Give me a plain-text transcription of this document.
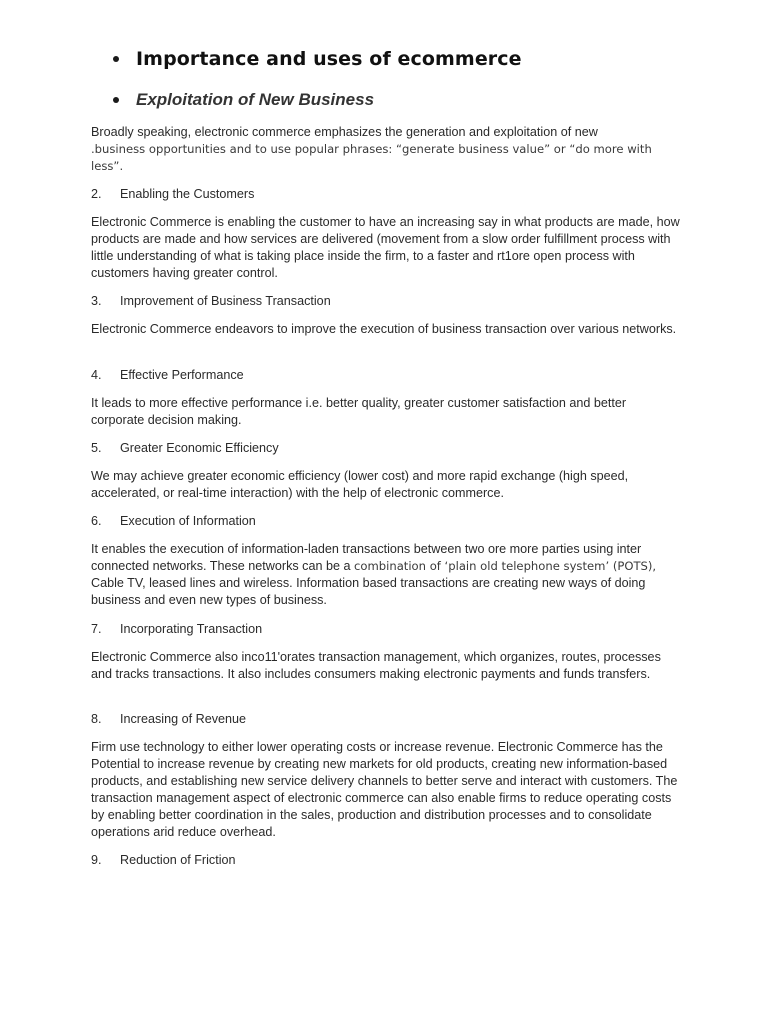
Importance and uses of ecommerce
Exploitation of New Business
Broadly speaking, electronic commerce emphasizes the generation and exploitation of new
.business opportunities and to use popular phrases: “generate business value” or “do more with
less”.
2.	Enabling the Customers

Electronic Commerce is enabling the customer to have an increasing say in what products are made, how products are made and how services are delivered (movement from a slow order fulfillment process with little understanding of what is taking place inside the firm, to a faster and rt1ore open process with customers having greater control.

3.	Improvement of Business Transaction

Electronic Commerce endeavors to improve the execution of business transaction over various networks.

4.	Effective Performance

It leads to more effective performance i.e. better quality, greater customer satisfaction and better corporate decision making.

5.	Greater Economic Efficiency

We may achieve greater economic efficiency (lower cost) and more rapid exchange (high speed, accelerated, or real-time interaction) with the help of electronic commerce.

6.	Execution of Information

It enables the execution of information-laden transactions between two ore more parties using inter connected networks. These networks can be a combination of ‘plain old telephone system’ (POTS), Cable TV, leased lines and wireless. Information based transactions are creating new ways of doing business and even new types of business.

7.	Incorporating Transaction

Electronic Commerce also inco11'orates transaction management, which organizes, routes, processes and tracks transactions. It also includes consumers making electronic payments and funds transfers.

8.	Increasing of Revenue

Firm use technology to either lower operating costs or increase revenue. Electronic Commerce has the Potential to increase revenue by creating new markets for old products, creating new information-based products, and establishing new service delivery channels to better serve and interact with customers. The transaction management aspect of electronic commerce can also enable firms to reduce operating costs by enabling better coordination in the sales, production and distribution processes and to consolidate operations arid reduce overhead.

9.	Reduction of Friction
